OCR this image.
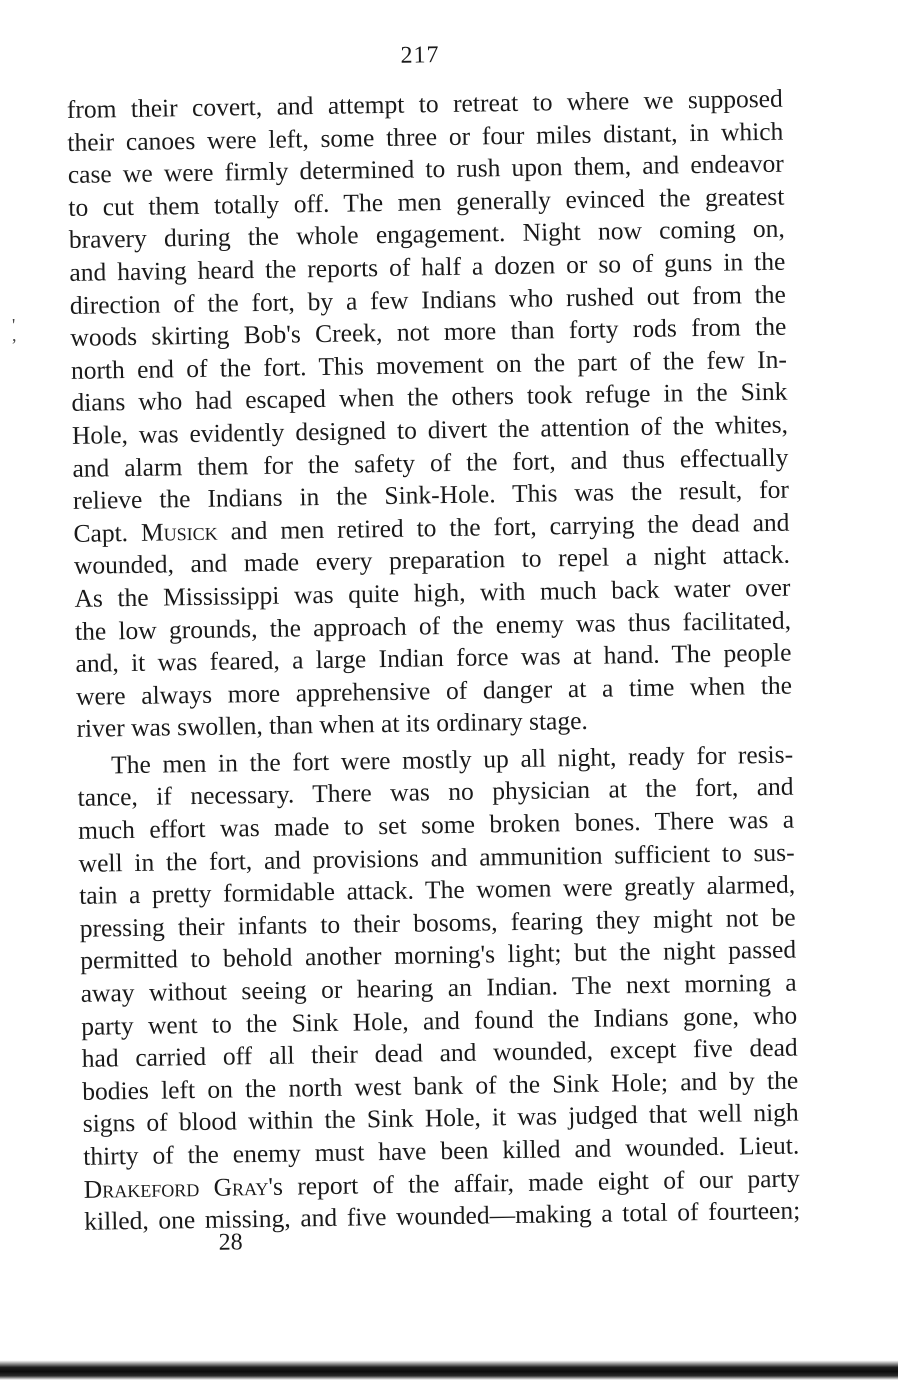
217
from their covert, and attempt to retreat to where we supposed
their canoes were left, some three or four miles distant, in which
case we were firmly determined to rush upon them, and endeavor
to cut them totally off. The men generally evinced the greatest
bravery during the whole engagement. Night now coming on,
and having heard the reports of half a dozen or so of guns in the
direction of the fort, by a few Indians who rushed out from the
woods skirting Bob's Creek, not more than forty rods from the
north end of the fort. This movement on the part of the few In-
dians who had escaped when the others took refuge in the Sink
Hole, was evidently designed to divert the attention of the whites,
and alarm them for the safety of the fort, and thus effectually
relieve the Indians in the Sink-Hole. This was the result, for
Capt. Musick and men retired to the fort, carrying the dead and
wounded, and made every preparation to repel a night attack.
As the Mississippi was quite high, with much back water over
the low grounds, the approach of the enemy was thus facilitated,
and, it was feared, a large Indian force was at hand. The people
were always more apprehensive of danger at a time when the
river was swollen, than when at its ordinary stage.
The men in the fort were mostly up all night, ready for resis-
tance, if necessary. There was no physician at the fort, and
much effort was made to set some broken bones. There was a
well in the fort, and provisions and ammunition sufficient to sus-
tain a pretty formidable attack. The women were greatly alarmed,
pressing their infants to their bosoms, fearing they might not be
permitted to behold another morning's light; but the night passed
away without seeing or hearing an Indian. The next morning a
party went to the Sink Hole, and found the Indians gone, who
had carried off all their dead and wounded, except five dead
bodies left on the north west bank of the Sink Hole; and by the
signs of blood within the Sink Hole, it was judged that well nigh
thirty of the enemy must have been killed and wounded. Lieut.
Drakeford Gray's report of the affair, made eight of our party
killed, one missing, and five wounded—making a total of fourteen;
28
'
,
